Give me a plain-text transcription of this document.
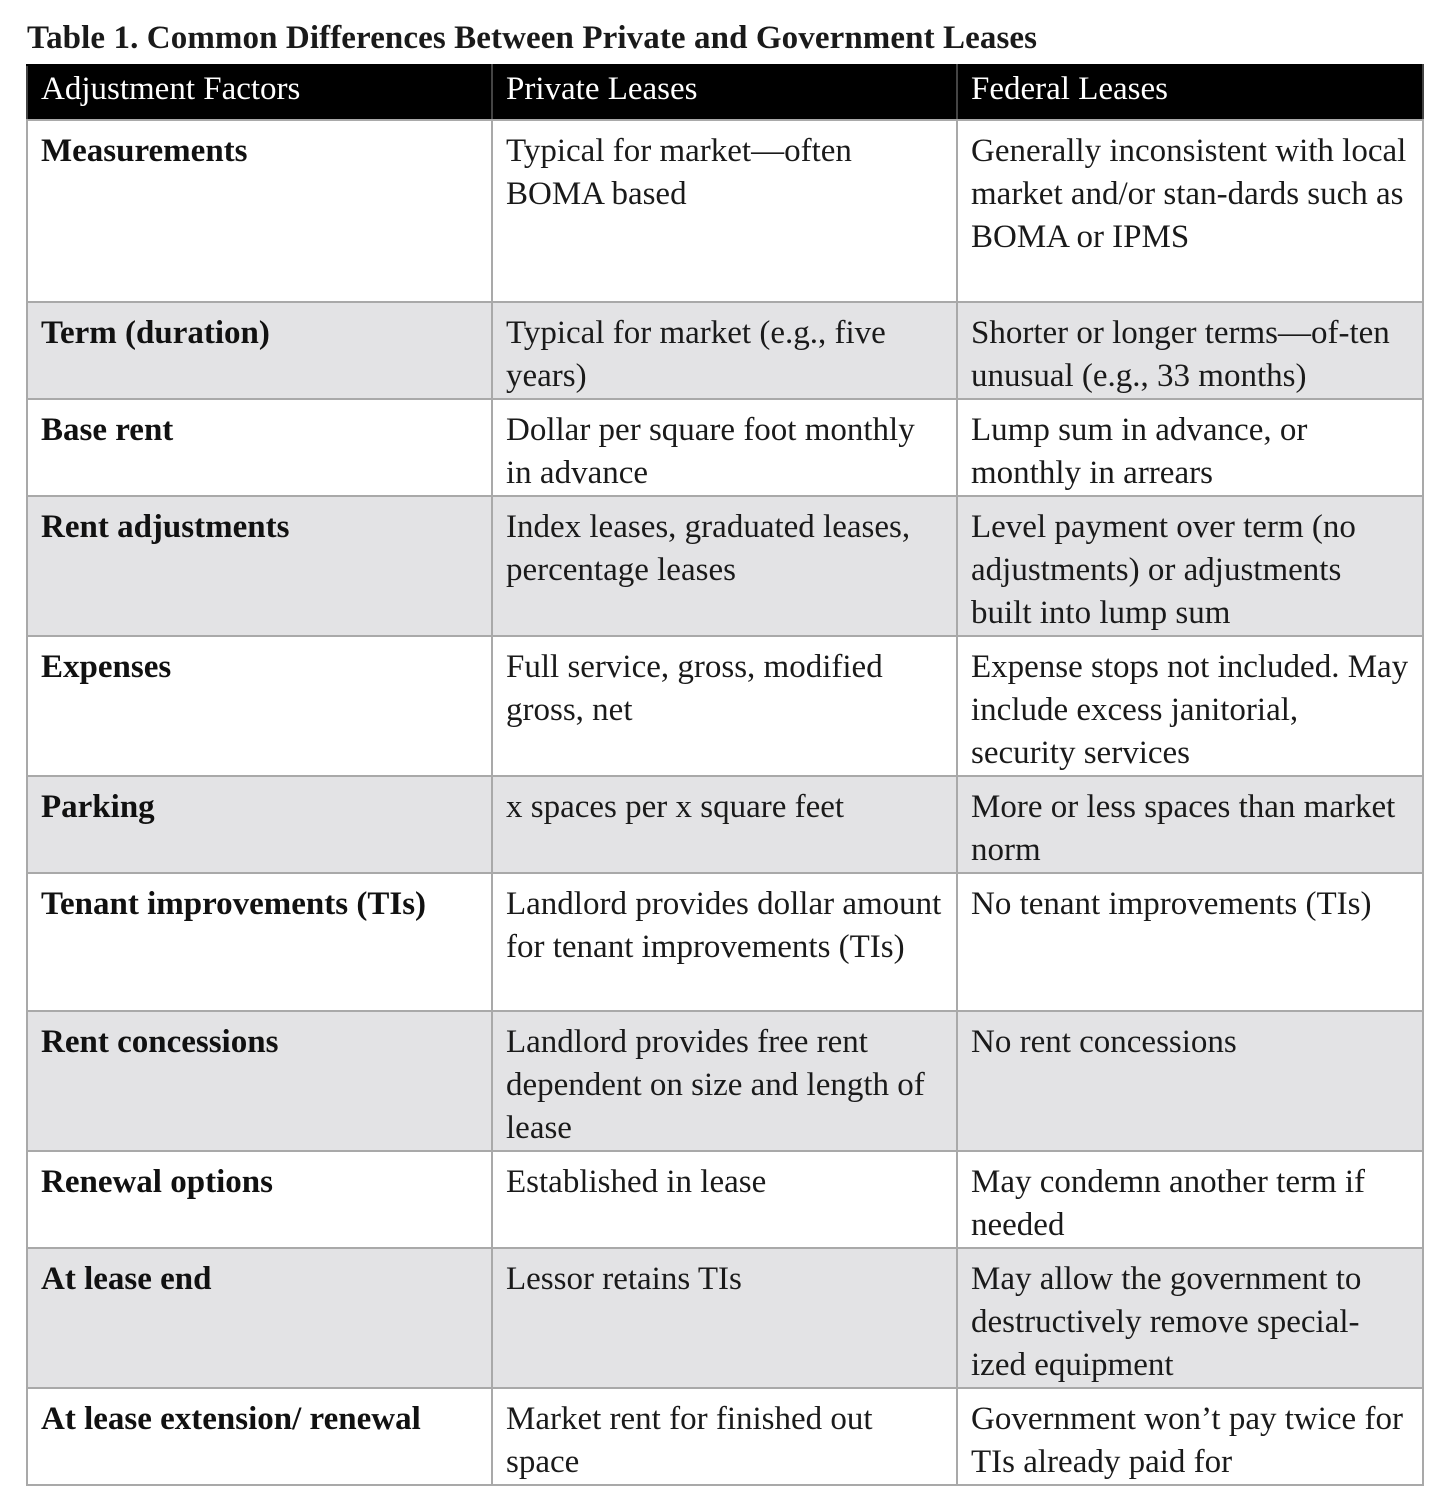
Table 1. Common Differences Between Private and Government Leases
Adjustment Factors	Private Leases	Federal Leases
Measurements	Typical for market—often BOMA based	Generally inconsistent with local market and/or stan-dards such as BOMA or IPMS
Term (duration)	Typical for market (e.g., five years)	Shorter or longer terms—of-ten unusual (e.g., 33 months)
Base rent	Dollar per square foot monthly in advance	Lump sum in advance, or monthly in arrears
Rent adjustments	Index leases, graduated leases, percentage leases	Level payment over term (no adjustments) or adjustments built into lump sum
Expenses	Full service, gross, modified gross, net	Expense stops not included. May include excess janitorial, security services
Parking	x spaces per x square feet	More or less spaces than market norm
Tenant improvements (TIs)	Landlord provides dollar amount for tenant improvements (TIs)	No tenant improvements (TIs)
Rent concessions	Landlord provides free rent dependent on size and length of lease	No rent concessions
Renewal options	Established in lease	May condemn another term if needed
At lease end	Lessor retains TIs	May allow the government to destructively remove special-ized equipment
At lease extension/ renewal	Market rent for finished out space	Government won’t pay twice for TIs already paid for
